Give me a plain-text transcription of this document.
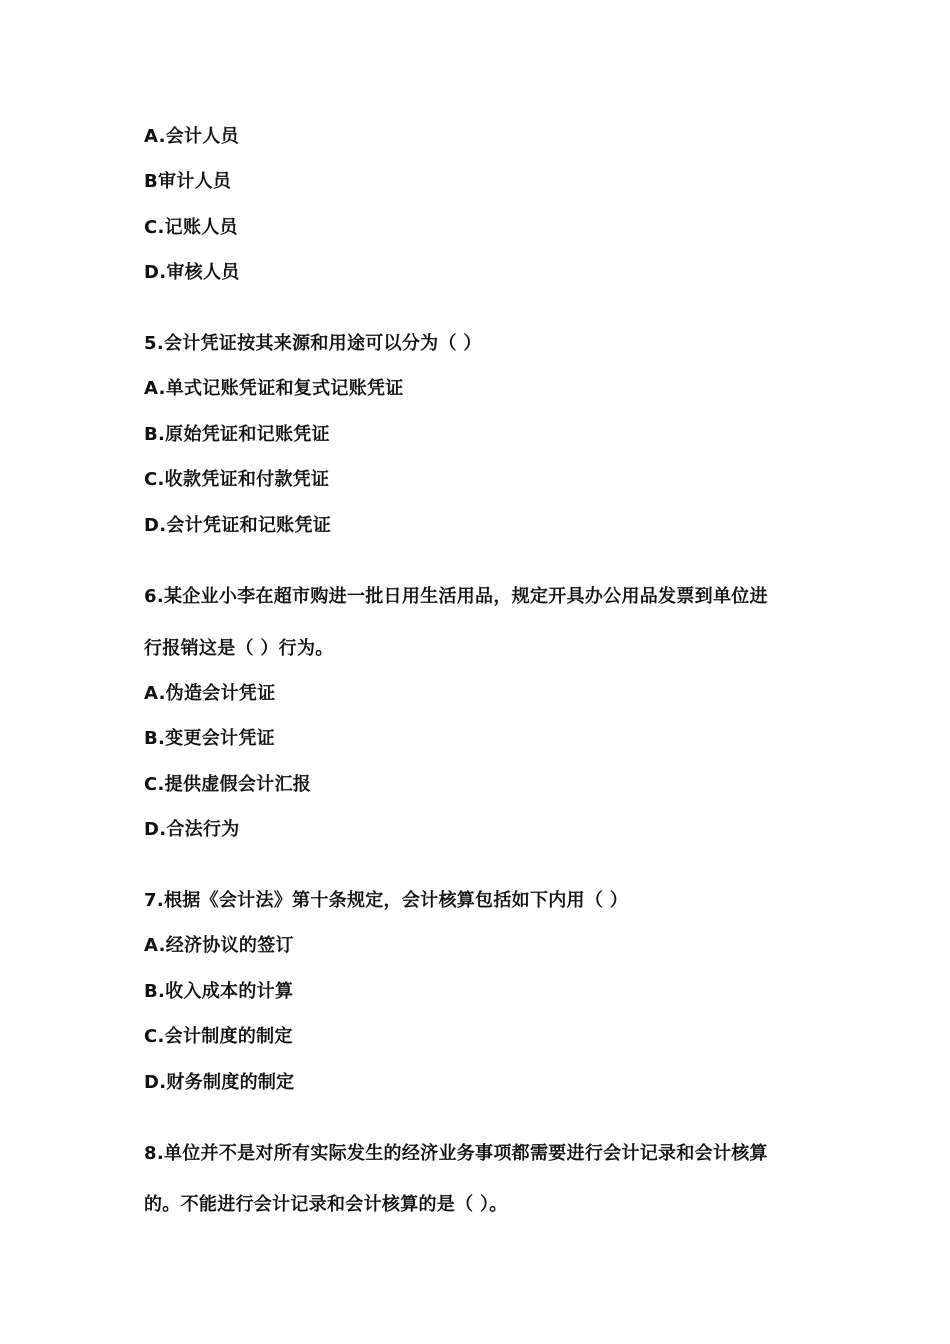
A.会计人员
B审计人员
C.记账人员
D.审核人员
5.会计凭证按其来源和用途可以分为（ ）
A.单式记账凭证和复式记账凭证
B.原始凭证和记账凭证
C.收款凭证和付款凭证
D.会计凭证和记账凭证
6.某企业小李在超市购进一批日用生活用品，规定开具办公用品发票到单位进
行报销这是（ ）行为。
A.伪造会计凭证
B.变更会计凭证
C.提供虚假会计汇报
D.合法行为
7.根据《会计法》第十条规定，会计核算包括如下内用（ ）
A.经济协议的签订
B.收入成本的计算
C.会计制度的制定
D.财务制度的制定
8.单位并不是对所有实际发生的经济业务事项都需要进行会计记录和会计核算
的。不能进行会计记录和会计核算的是（ ）。
